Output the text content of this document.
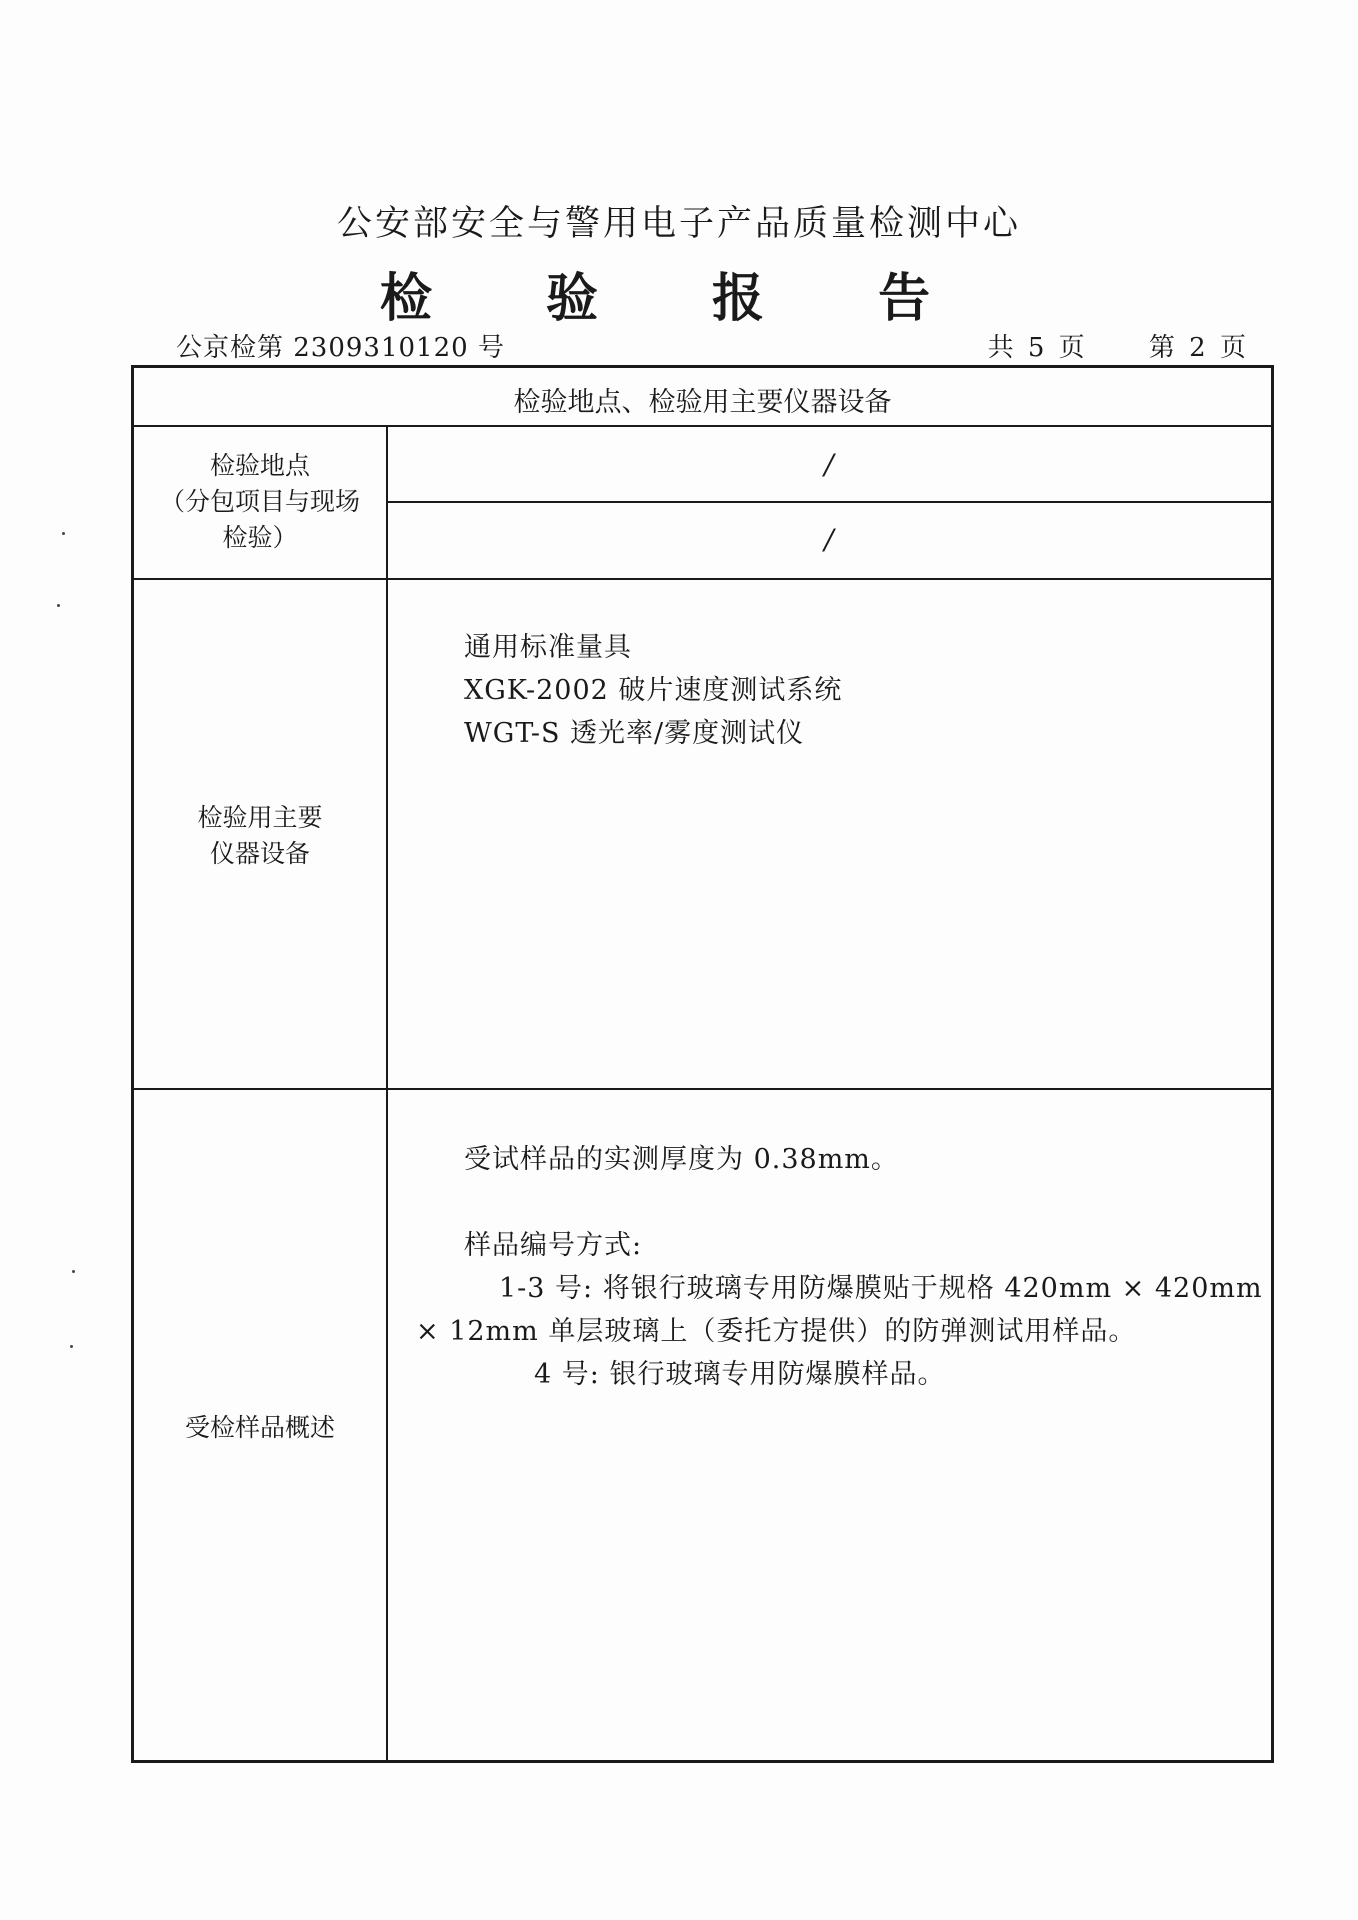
公安部安全与警用电子产品质量检测中心
检 验 报 告
公京检第 2309310120 号	共 5 页 第 2 页
检验地点、检验用主要仪器设备
检验地点
（分包项目与现场
检验）
/
/
检验用主要
仪器设备
通用标准量具
XGK-2002 破片速度测试系统
WGT-S 透光率/雾度测试仪
受检样品概述
受试样品的实测厚度为 0.38mm。
样品编号方式:
1-3 号: 将银行玻璃专用防爆膜贴于规格 420mm × 420mm
× 12mm 单层玻璃上（委托方提供）的防弹测试用样品。
4 号: 银行玻璃专用防爆膜样品。
